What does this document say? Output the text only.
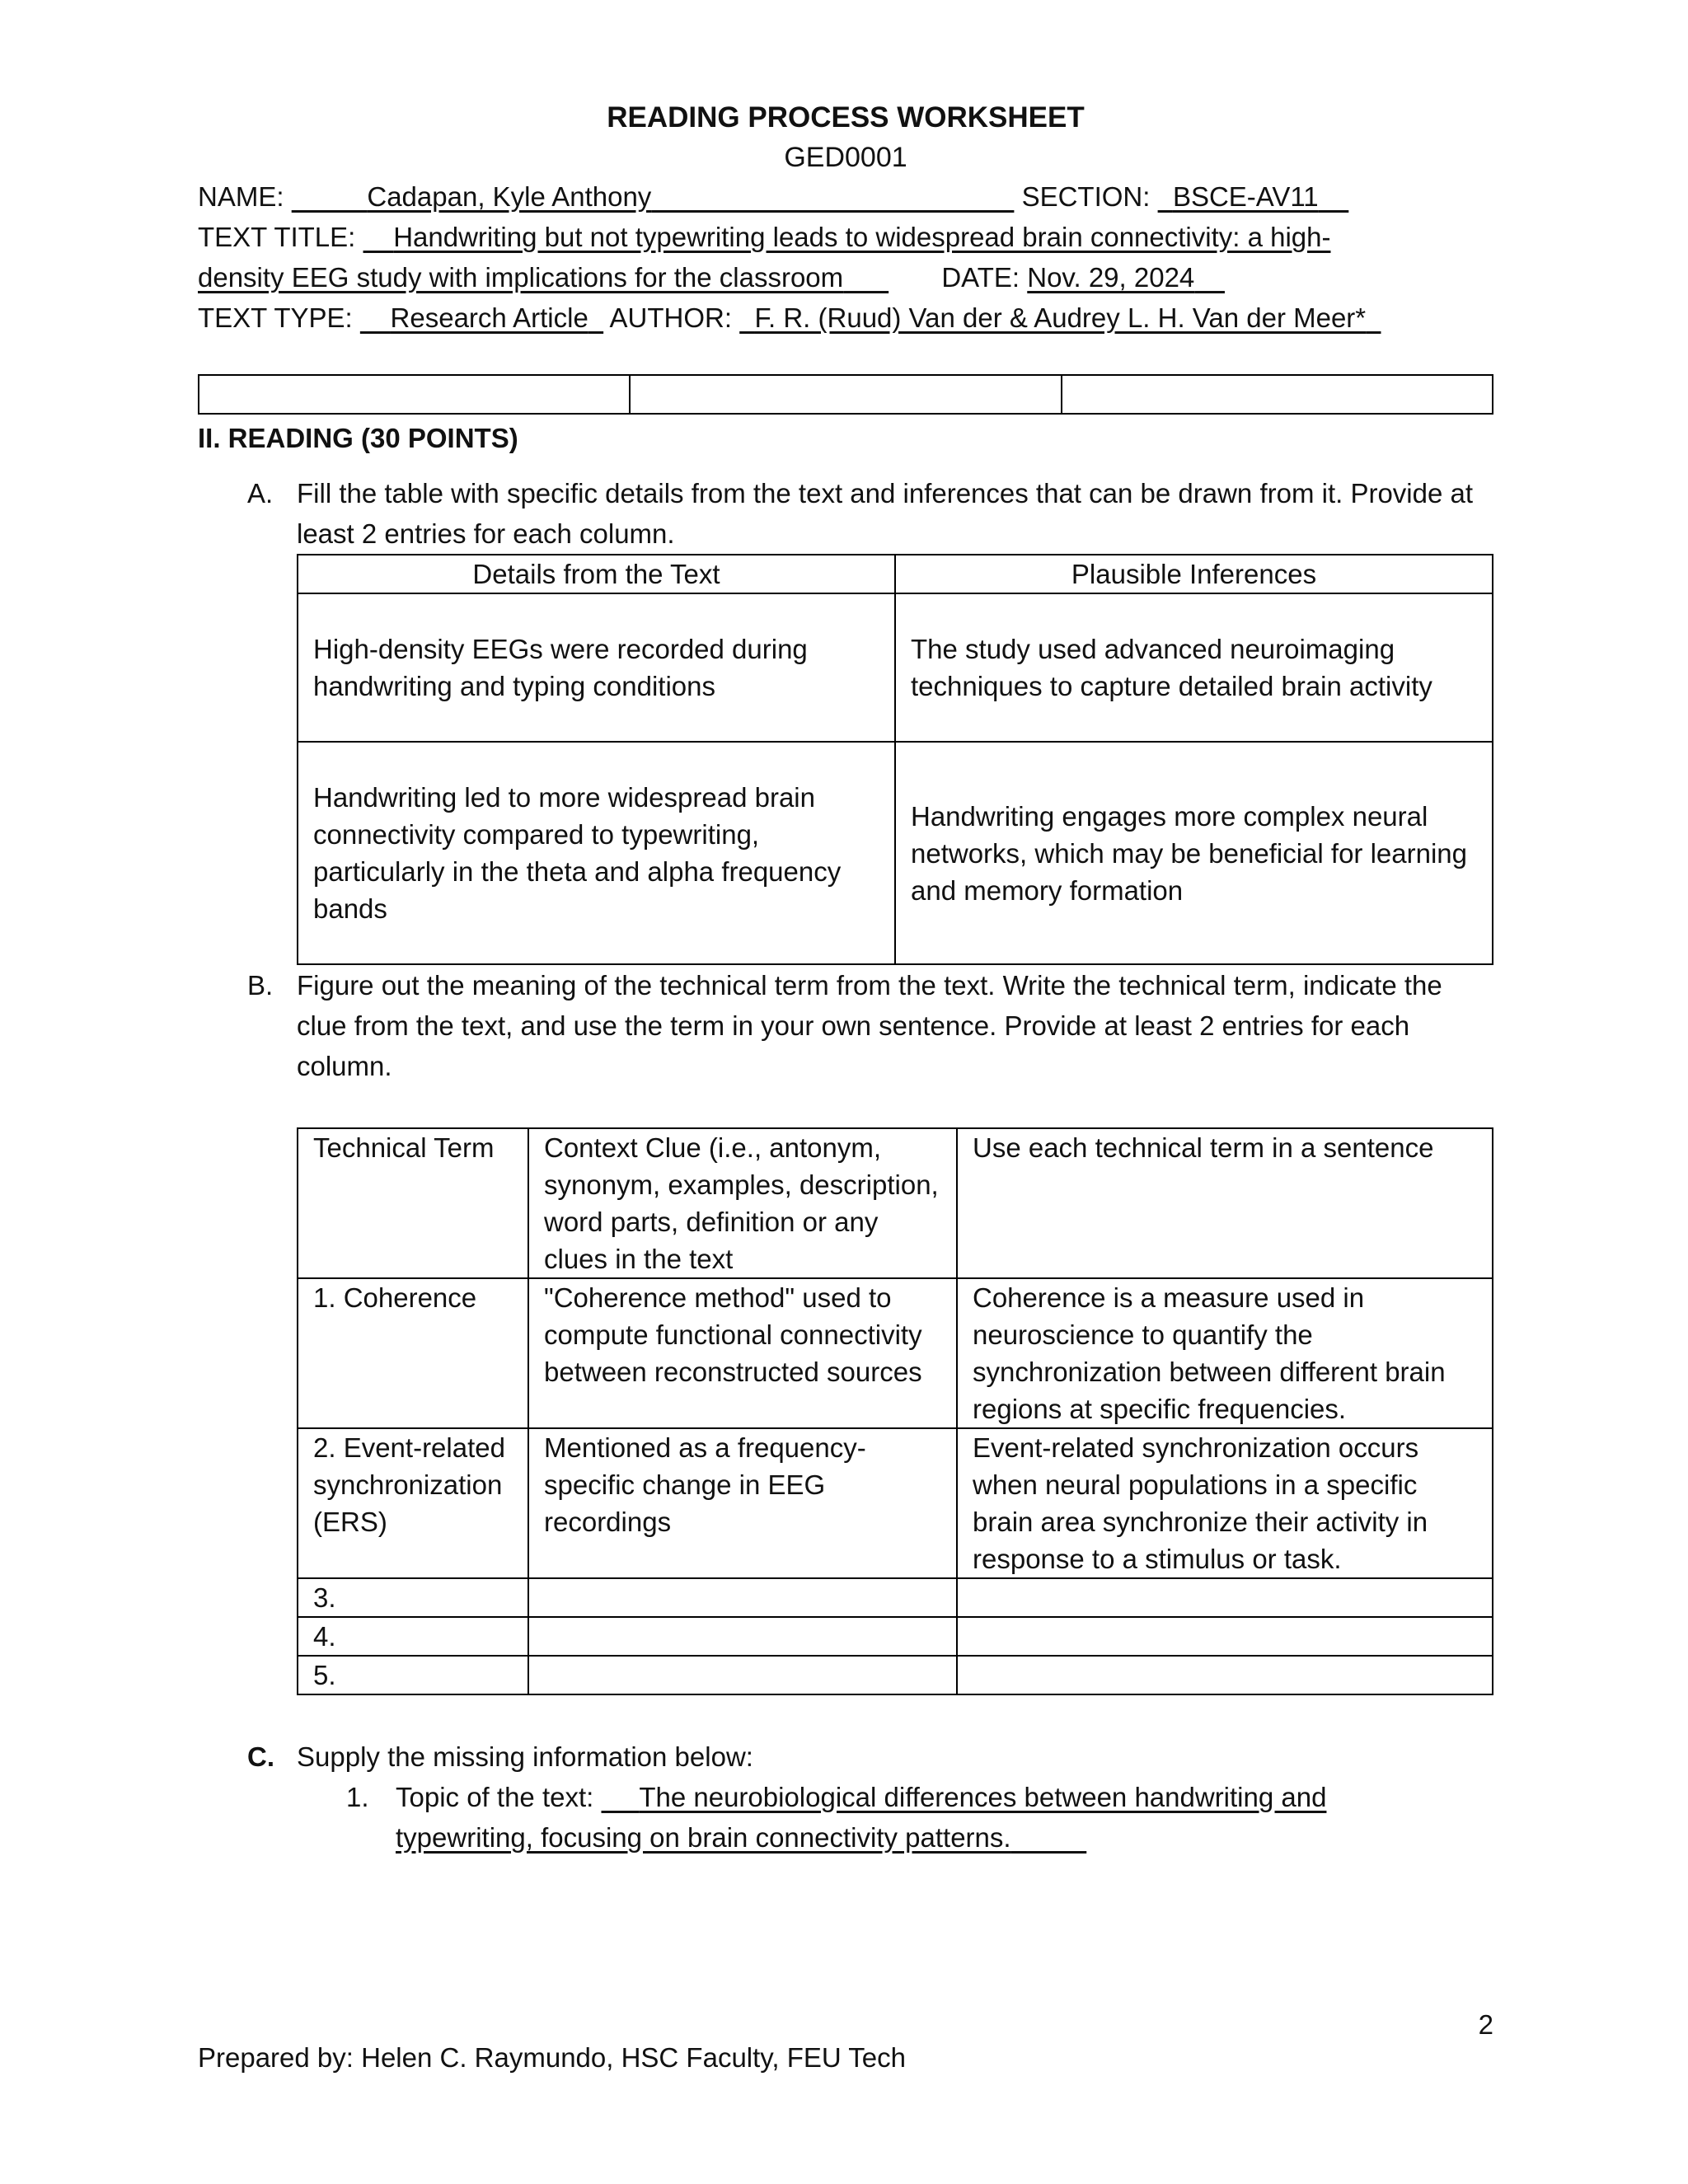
READING PROCESS WORKSHEET
GED0001
NAME:	Cadapan, Kyle Anthony	SECTION: BSCE-AV11
TEXT TITLE: Handwriting but not typewriting leads to widespread brain connectivity: a high-
density EEG study with implications for the classroom	DATE: Nov. 29, 2024
TEXT TYPE: Research Article AUTHOR: F. R. (Ruud) Van der & Audrey L. H. Van der Meer*

II. READING (30 POINTS)
A. Fill the table with specific details from the text and inferences that can be drawn from it. Provide at least 2 entries for each column.
Details from the Text	Plausible Inferences
High-density EEGs were recorded during handwriting and typing conditions	The study used advanced neuroimaging techniques to capture detailed brain activity
Handwriting led to more widespread brain connectivity compared to typewriting, particularly in the theta and alpha frequency bands	Handwriting engages more complex neural networks, which may be beneficial for learning and memory formation
B. Figure out the meaning of the technical term from the text. Write the technical term, indicate the clue from the text, and use the term in your own sentence. Provide at least 2 entries for each column.
Technical Term	Context Clue (i.e., antonym, synonym, examples, description, word parts, definition or any clues in the text	Use each technical term in a sentence
1. Coherence	"Coherence method" used to compute functional connectivity between reconstructed sources	Coherence is a measure used in neuroscience to quantify the synchronization between different brain regions at specific frequencies.
2. Event-related synchronization (ERS)	Mentioned as a frequency-specific change in EEG recordings	Event-related synchronization occurs when neural populations in a specific brain area synchronize their activity in response to a stimulus or task.
3.		
4.		
5.		
C. Supply the missing information below:
1. Topic of the text: The neurobiological differences between handwriting and
typewriting, focusing on brain connectivity patterns.
2
Prepared by: Helen C. Raymundo, HSC Faculty, FEU Tech
